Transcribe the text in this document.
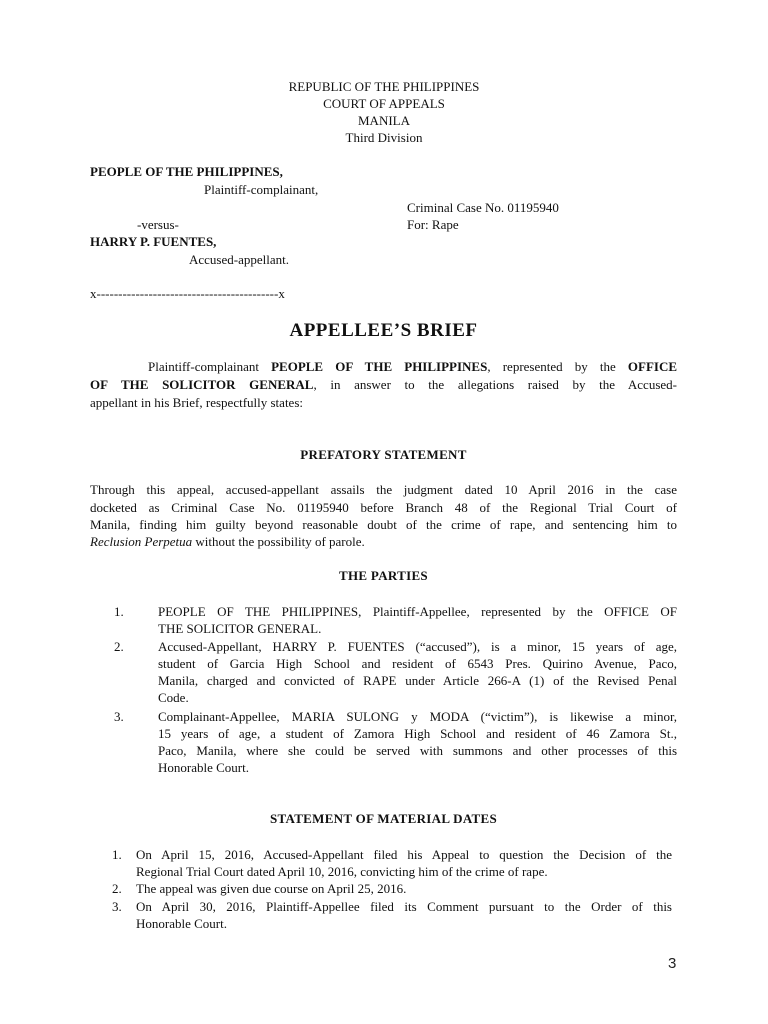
REPUBLIC OF THE PHILIPPINES
COURT OF APPEALS
MANILA
Third Division
PEOPLE OF THE PHILIPPINES,
Plaintiff-complainant,
Criminal Case No. 01195940
-versus-	For: Rape
HARRY P. FUENTES,
Accused-appellant.
x------------------------------------------x
APPELLEE’S BRIEF
Plaintiff-complainant PEOPLE OF THE PHILIPPINES, represented by the OFFICE
OF THE SOLICITOR GENERAL, in answer to the allegations raised by the Accused-
appellant in his Brief, respectfully states:
PREFATORY STATEMENT
Through this appeal, accused-appellant assails the judgment dated 10 April 2016 in the case
docketed as Criminal Case No. 01195940 before Branch 48 of the Regional Trial Court of
Manila, finding him guilty beyond reasonable doubt of the crime of rape, and sentencing him to
Reclusion Perpetua without the possibility of parole.
THE PARTIES
1.	PEOPLE OF THE PHILIPPINES, Plaintiff-Appellee, represented by the OFFICE OF
THE SOLICITOR GENERAL.
2.	Accused-Appellant, HARRY P. FUENTES (“accused”), is a minor, 15 years of age,
student of Garcia High School and resident of 6543 Pres. Quirino Avenue, Paco,
Manila, charged and convicted of RAPE under Article 266-A (1) of the Revised Penal
Code.
3.	Complainant-Appellee, MARIA SULONG y MODA (“victim”), is likewise a minor,
15 years of age, a student of Zamora High School and resident of 46 Zamora St.,
Paco, Manila, where she could be served with summons and other processes of this
Honorable Court.
STATEMENT OF MATERIAL DATES
1. On April 15, 2016, Accused-Appellant filed his Appeal to question the Decision of the
Regional Trial Court dated April 10, 2016, convicting him of the crime of rape.
2. The appeal was given due course on April 25, 2016.
3. On April 30, 2016, Plaintiff-Appellee filed its Comment pursuant to the Order of this
Honorable Court.
3
